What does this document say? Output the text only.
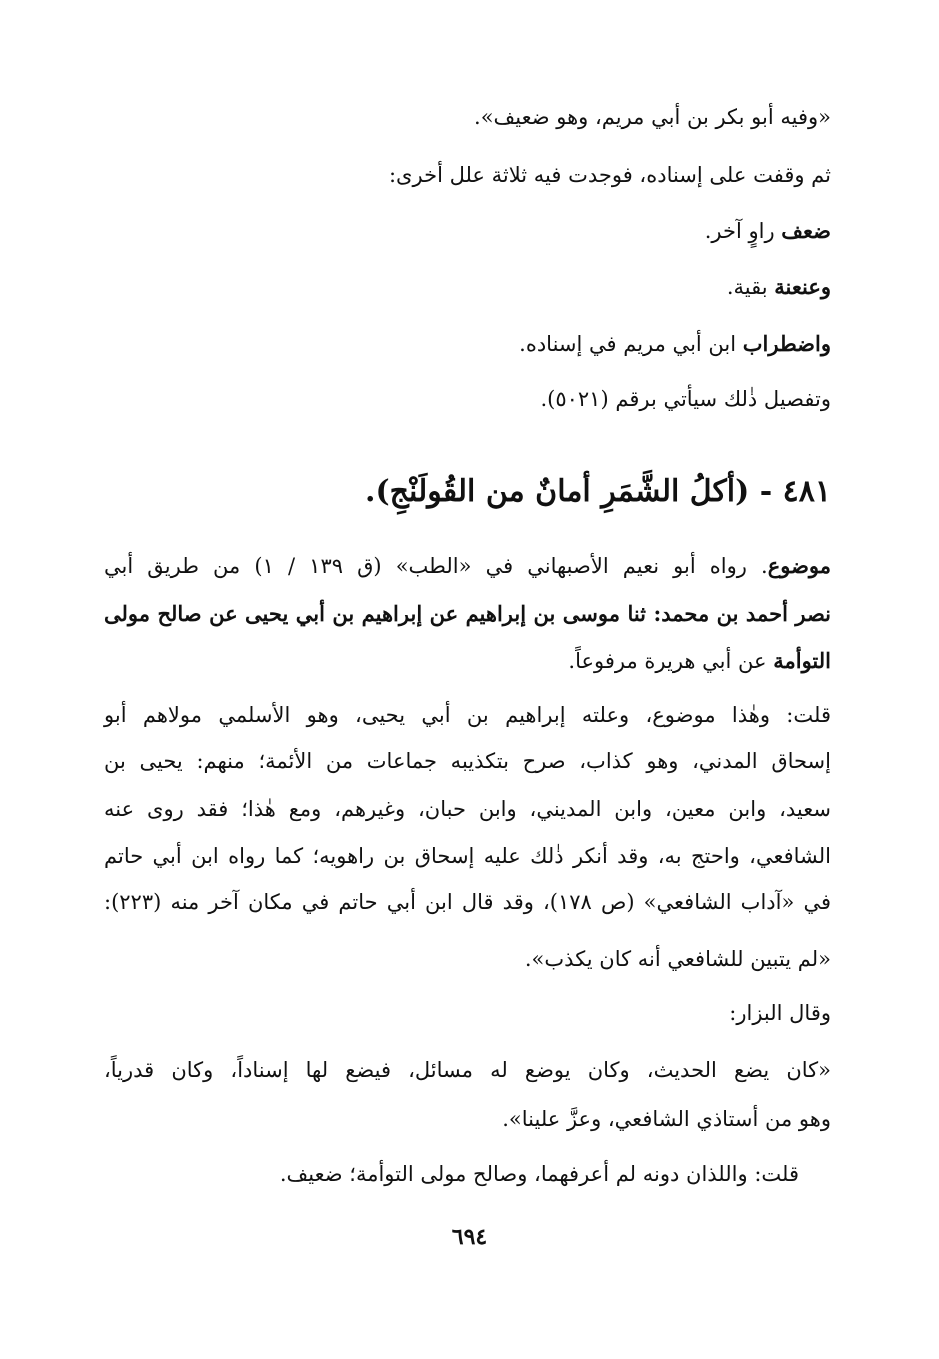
«وفيه أبو بكر بن أبي مريم، وهو ضعيف».
ثم وقفت على إسناده، فوجدت فيه ثلاثة علل أخرى:
ضعف راوٍ آخر.
وعنعنة بقية.
واضطراب ابن أبي مريم في إسناده.
وتفصيل ذٰلك سيأتي برقم (٥٠٢١).
٤٨١ - (أكلُ الشَّمَرِ أمانٌ من القُولَنْجِ).
موضوع. رواه أبو نعيم الأصبهاني في «الطب» (ق ١٣٩ / ١) من طريق أبي
نصر أحمد بن محمد: ثنا موسى بن إبراهيم عن إبراهيم بن أبي يحيى عن صالح مولى
التوأمة عن أبي هريرة مرفوعاً.
قلت: وهٰذا موضوع، وعلته إبراهيم بن أبي يحيى، وهو الأسلمي مولاهم أبو
إسحاق المدني، وهو كذاب، صرح بتكذيبه جماعات من الأئمة؛ منهم: يحيى بن
سعيد، وابن معين، وابن المديني، وابن حبان، وغيرهم، ومع هٰذا؛ فقد روى عنه
الشافعي، واحتج به، وقد أنكر ذٰلك عليه إسحاق بن راهويه؛ كما رواه ابن أبي حاتم
في «آداب الشافعي» (ص ١٧٨)، وقد قال ابن أبي حاتم في مكان آخر منه (٢٢٣):
«لم يتبين للشافعي أنه كان يكذب».
وقال البزار:
«كان يضع الحديث، وكان يوضع له مسائل، فيضع لها إسناداً، وكان قدرياً،
وهو من أستاذي الشافعي، وعزَّ علينا».
قلت: واللذان دونه لم أعرفهما، وصالح مولى التوأمة؛ ضعيف.
٦٩٤
